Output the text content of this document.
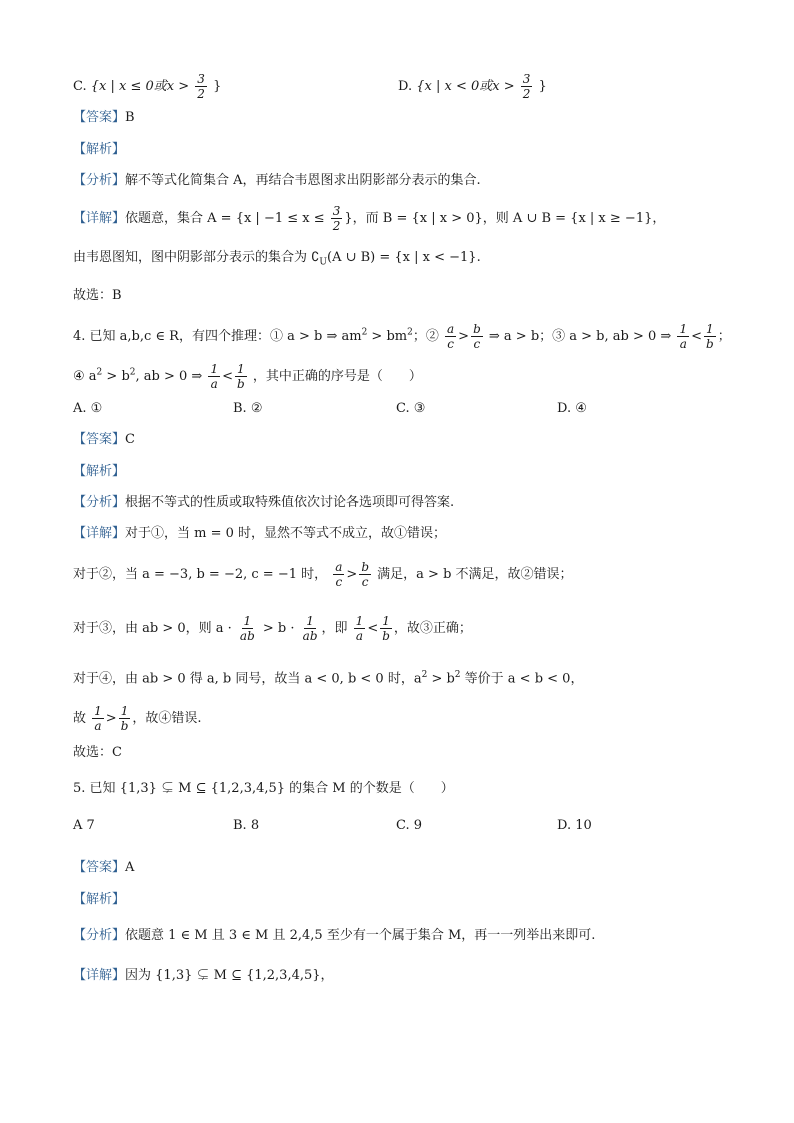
C. {x | x ≤ 0或$x > \frac{3}{2}$ }	D. {x | x < 0或$x > \frac{3}{2}$ }
【答案】B
【解析】
【分析】解不等式化简集合 A，再结合韦恩图求出阴影部分表示的集合.
【详解】依题意，集合 A = {x | $-1 \le x \le \frac{3}{2}$ }，而 B = {x | x > 0}，则 A ∪ B = {x | x ≥ −1}，
由韦恩图知，图中阴影部分表示的集合为 $∁_U(A$ ∪ B) = {x | x < −1}.
故选：B
4. 已知 a,b,c ∈ R，有四个推理：① a > b ⇒ $am^2 > bm^2$；② $\frac{a}{c} > \frac{b}{c}$ ⇒ a > b；③ a > b, ab > 0 ⇒ $\frac{1}{a} < \frac{1}{b}$ ；
④ $a^2 > b^2$, ab > 0 ⇒ $\frac{1}{a} < \frac{1}{b}$ ，其中正确的序号是（　　）
A. ①	B. ②	C. ③	D. ④
【答案】C
【解析】
【分析】根据不等式的性质或取特殊值依次讨论各选项即可得答案.
【详解】对于①，当 m = 0 时，显然不等式不成立，故①错误；
对于②，当 a = −3, b = −2, c = −1 时， $\frac{a}{c} > \frac{b}{c}$ 满足，a > b 不满足，故②错误；
对于③，由 ab > 0，则 $a \cdot \frac{1}{ab} > b \cdot \frac{1}{ab}$ ，即 $\frac{1}{a} < \frac{1}{b}$ ，故③正确；
对于④，由 ab > 0 得 a, b 同号，故当 a < 0, b < 0 时，$a^2 > b^2$ 等价于 a < b < 0，
故 $\frac{1}{a} > \frac{1}{b}$ ，故④错误.
故选：C
5. 已知 {1,3} ⊊ M ⊆ {1,2,3,4,5} 的集合 M 的个数是（　　）
A 7	B. 8	C. 9	D. 10
【答案】A
【解析】
【分析】依题意 1 ∈ M 且 3 ∈ M 且 2,4,5 至少有一个属于集合 M，再一一列举出来即可.
【详解】因为 {1,3} ⊊ M ⊆ {1,2,3,4,5}，
